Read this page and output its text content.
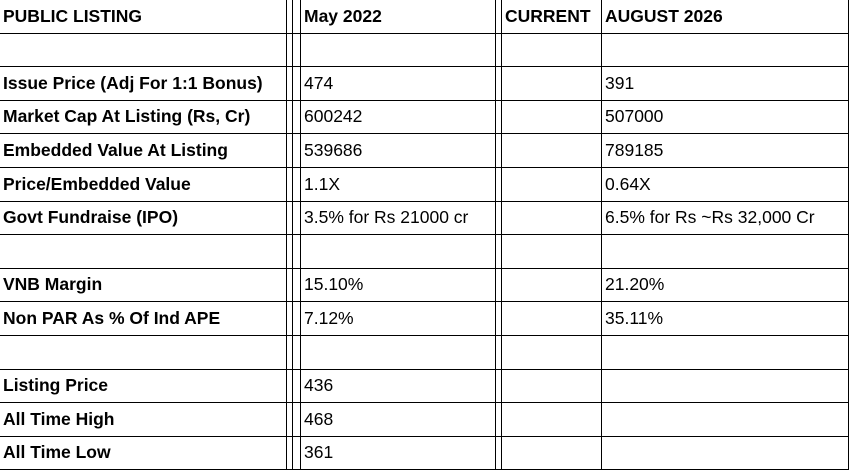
PUBLIC LISTING			May 2022		CURRENT	AUGUST 2026

Issue Price (Adj For 1:1 Bonus)			474			391
Market Cap At Listing (Rs, Cr)			600242			507000
Embedded Value At Listing			539686			789185
Price/Embedded Value			1.1X			0.64X
Govt Fundraise (IPO)			3.5% for Rs 21000 cr			6.5% for Rs ~Rs 32,000 Cr

VNB Margin			15.10%			21.20%
Non PAR As % Of Ind APE			7.12%			35.11%

Listing Price			436			
All Time High			468			
All Time Low			361			
